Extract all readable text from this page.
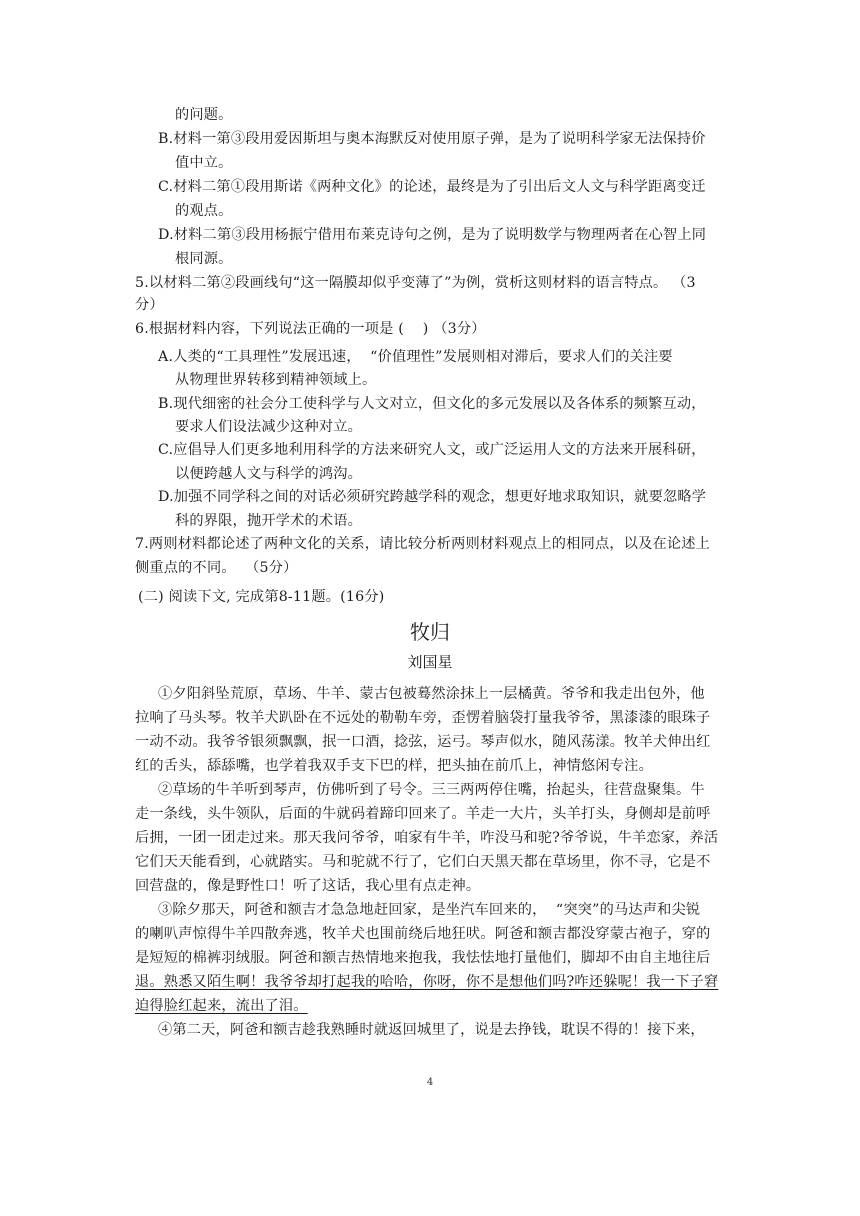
的问题。
B.材料一第③段用爱因斯坦与奥本海默反对使用原子弹，是为了说明科学家无法保持价
值中立。
C.材料二第①段用斯诺《两种文化》的论述，最终是为了引出后文人文与科学距离变迁
的观点。
D.材料二第③段用杨振宁借用布莱克诗句之例，是为了说明数学与物理两者在心智上同
根同源。
5.以材料二第②段画线句“这一隔膜却似乎变薄了”为例，赏析这则材料的语言特点。 （3
分）
6.根据材料内容，下列说法正确的一项是 (    ) （3分）
A.人类的“工具理性”发展迅速，  “价值理性”发展则相对滞后，要求人们的关注要
从物理世界转移到精神领域上。
B.现代细密的社会分工使科学与人文对立，但文化的多元发展以及各体系的频繁互动，
要求人们设法减少这种对立。
C.应倡导人们更多地利用科学的方法来研究人文，或广泛运用人文的方法来开展科研，
以便跨越人文与科学的鸿沟。
D.加强不同学科之间的对话必须研究跨越学科的观念，想更好地求取知识，就要忽略学
科的界限，抛开学术的术语。
7.两则材料都论述了两种文化的关系，请比较分析两则材料观点上的相同点，以及在论述上
侧重点的不同。  （5分）
(二) 阅读下文, 完成第8-11题。(16分)
牧归
刘国星
①夕阳斜坠荒原，草场、牛羊、蒙古包被蓦然涂抹上一层橘黄。爷爷和我走出包外，他
拉响了马头琴。牧羊犬趴卧在不远处的勒勒车旁，歪愣着脑袋打量我爷爷，黑漆漆的眼珠子
一动不动。我爷爷银须飘飘，抿一口酒，捻弦，运弓。琴声似水，随风荡漾。牧羊犬伸出红
红的舌头，舔舔嘴，也学着我双手支下巴的样，把头抽在前爪上，神情悠闲专注。
②草场的牛羊听到琴声，仿佛听到了号令。三三两两停住嘴，抬起头，往营盘聚集。牛
走一条线，头牛领队，后面的牛就码着蹄印回来了。羊走一大片，头羊打头，身侧却是前呼
后拥，一团一团走过来。那天我问爷爷，咱家有牛羊，咋没马和驼?爷爷说，牛羊恋家，养活
它们天天能看到，心就踏实。马和驼就不行了，它们白天黑天都在草场里，你不寻，它是不
回营盘的，像是野性口！听了这话，我心里有点走神。
③除夕那天，阿爸和额吉才急急地赶回家，是坐汽车回来的，  “突突”的马达声和尖锐
的喇叭声惊得牛羊四散奔逃，牧羊犬也围前绕后地狂吠。阿爸和额吉都没穿蒙古袍子，穿的
是短短的棉裤羽绒服。阿爸和额吉热情地来抱我，我怯怯地打量他们，脚却不由自主地往后
退。熟悉又陌生啊！我爷爷却打起我的哈哈，你呀，你不是想他们吗?咋还躲呢！我一下子窘
迫得脸红起来，流出了泪。
④第二天，阿爸和额吉趁我熟睡时就返回城里了，说是去挣钱，耽误不得的！接下来，
4
